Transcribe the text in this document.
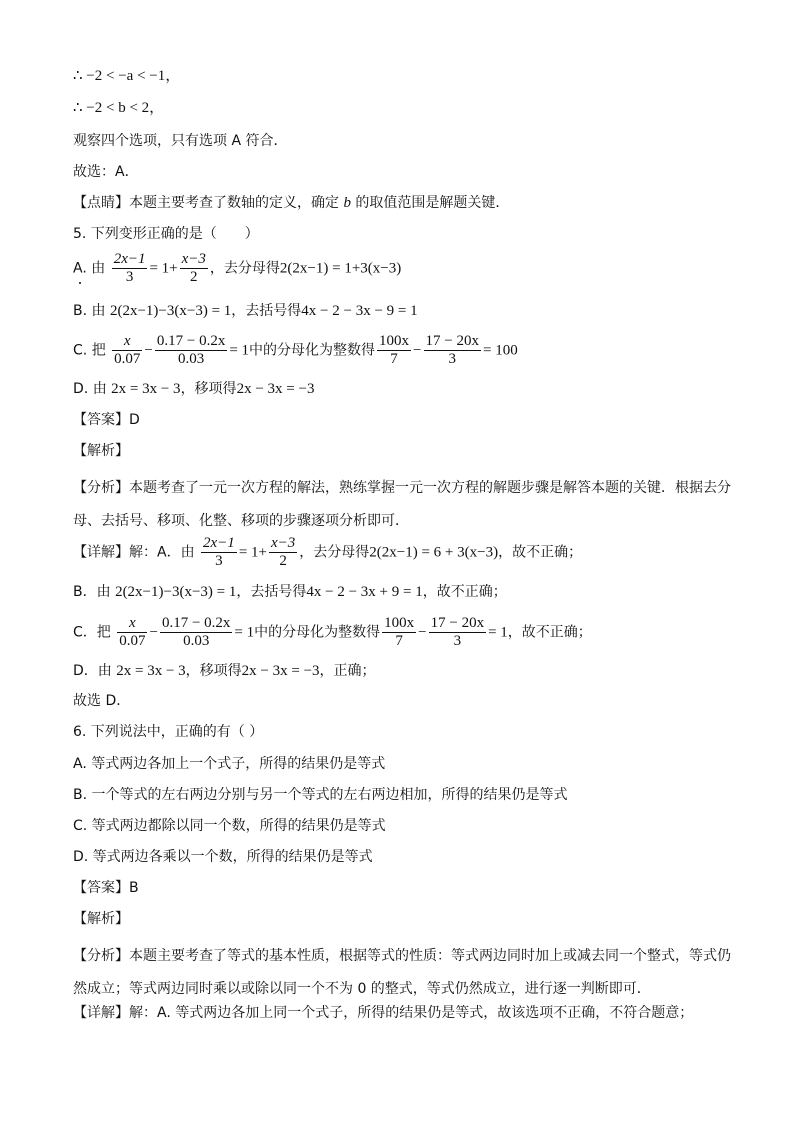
∴ −2 < −a < −1，
∴ −2 < b < 2，
观察四个选项，只有选项 A 符合．
故选：A．
【点睛】本题主要考查了数轴的定义，确定 b 的取值范围是解题关键．
5. 下列变形正确的是（　　）
A. 由 $\frac{2x-1}{3} = 1+ \frac{x-3}{2}$ ，去分母得2(2x−1) = 1+3(x−3)
B. 由 2(2x−1)−3(x−3) = 1，去括号得4x − 2 − 3x − 9 = 1
C. 把 $\frac{x}{0.07} - \frac{0.17 - 0.2x}{0.03} = 1$中的分母化为整数得 $\frac{100x}{7} - \frac{17 - 20x}{3} = 100$
D. 由 2x = 3x − 3，移项得2x − 3x = −3
【答案】D
【解析】
【分析】本题考查了一元一次方程的解法，熟练掌握一元一次方程的解题步骤是解答本题的关键．根据去分母、去括号、移项、化整、移项的步骤逐项分析即可．
【详解】解：A．由 $\frac{2x-1}{3} = 1+ \frac{x-3}{2}$ ，去分母得2(2x−1) = 6 + 3(x−3)，故不正确；
B．由 2(2x−1)−3(x−3) = 1，去括号得4x − 2 − 3x + 9 = 1，故不正确；
C．把 $\frac{x}{0.07} - \frac{0.17 - 0.2x}{0.03} = 1$中的分母化为整数得 $\frac{100x}{7} - \frac{17 - 20x}{3} = 1$，故不正确；
D．由 2x = 3x − 3，移项得2x − 3x = −3，正确；
故选 D．
6. 下列说法中，正确的有（ ）
A. 等式两边各加上一个式子，所得的结果仍是等式
B. 一个等式的左右两边分别与另一个等式的左右两边相加，所得的结果仍是等式
C. 等式两边都除以同一个数，所得的结果仍是等式
D. 等式两边各乘以一个数，所得的结果仍是等式
【答案】B
【解析】
【分析】本题主要考查了等式的基本性质，根据等式的性质：等式两边同时加上或减去同一个整式，等式仍然成立；等式两边同时乘以或除以同一个不为 0 的整式，等式仍然成立，进行逐一判断即可．
【详解】解：A. 等式两边各加上同一个式子，所得的结果仍是等式，故该选项不正确，不符合题意；
